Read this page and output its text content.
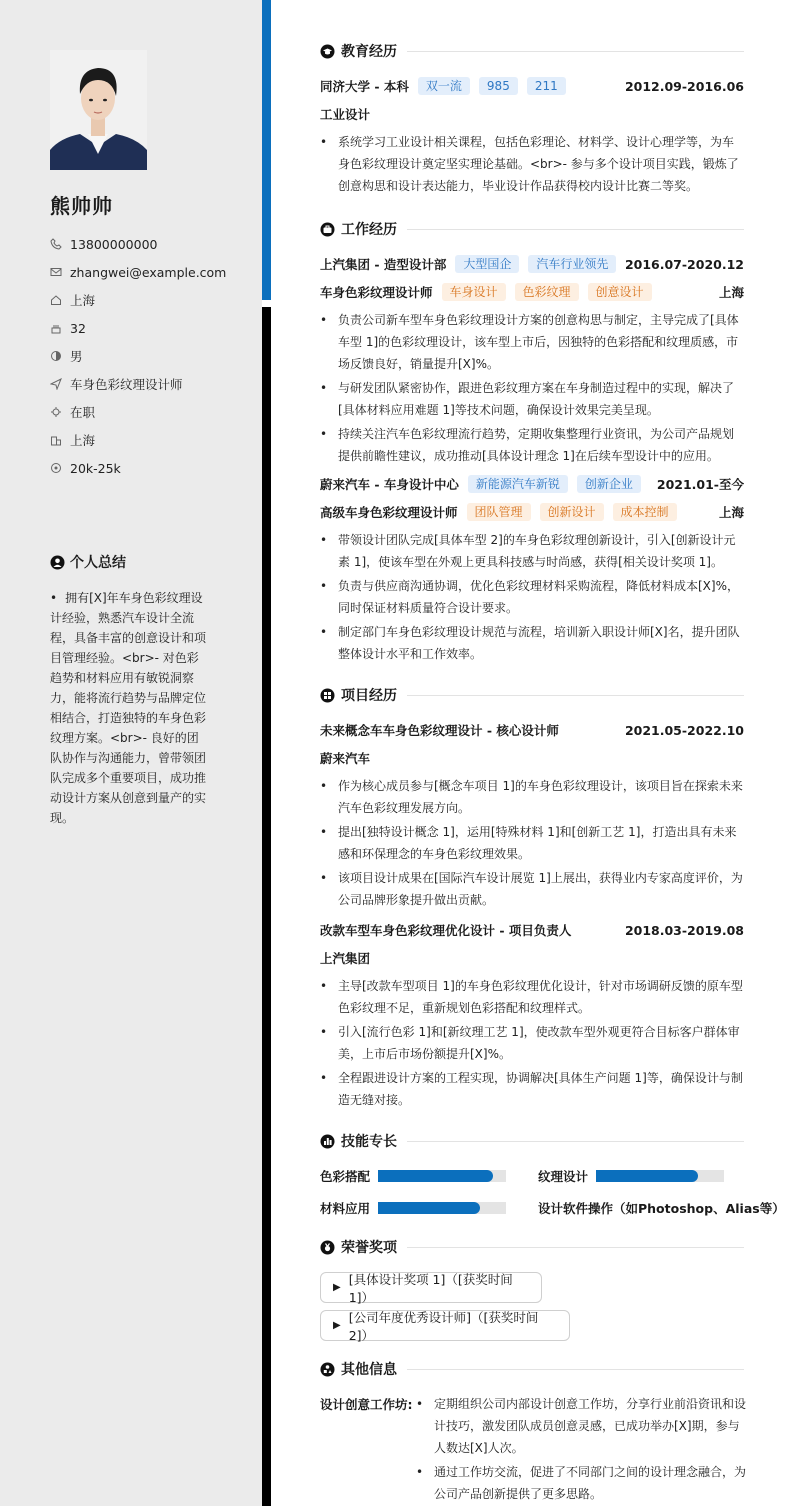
熊帅帅
13800000000
zhangwei@example.com
上海
32
男
车身色彩纹理设计师
在职
上海
20k-25k
个人总结
• 拥有[X]年车身色彩纹理设计经验，熟悉汽车设计全流程，具备丰富的创意设计和项目管理经验。<br>- 对色彩趋势和材料应用有敏锐洞察力，能将流行趋势与品牌定位相结合，打造独特的车身色彩纹理方案。<br>- 良好的团队协作与沟通能力，曾带领团队完成多个重要项目，成功推动设计方案从创意到量产的实现。
教育经历
同济大学 - 本科	双一流	985	211	2012.09-2016.06
工业设计
• 系统学习工业设计相关课程，包括色彩理论、材料学、设计心理学等，为车身色彩纹理设计奠定坚实理论基础。<br>- 参与多个设计项目实践，锻炼了创意构思和设计表达能力，毕业设计作品获得校内设计比赛二等奖。
工作经历
上汽集团 - 造型设计部	大型国企	汽车行业领先	2016.07-2020.12
车身色彩纹理设计师	车身设计	色彩纹理	创意设计	上海
• 负责公司新车型车身色彩纹理设计方案的创意构思与制定，主导完成了[具体车型 1]的色彩纹理设计，该车型上市后，因独特的色彩搭配和纹理质感，市场反馈良好，销量提升[X]%。
• 与研发团队紧密协作，跟进色彩纹理方案在车身制造过程中的实现，解决了[具体材料应用难题 1]等技术问题，确保设计效果完美呈现。
• 持续关注汽车色彩纹理流行趋势，定期收集整理行业资讯，为公司产品规划提供前瞻性建议，成功推动[具体设计理念 1]在后续车型设计中的应用。
蔚来汽车 - 车身设计中心	新能源汽车新锐	创新企业	2021.01-至今
高级车身色彩纹理设计师	团队管理	创新设计	成本控制	上海
• 带领设计团队完成[具体车型 2]的车身色彩纹理创新设计，引入[创新设计元素 1]，使该车型在外观上更具科技感与时尚感，获得[相关设计奖项 1]。
• 负责与供应商沟通协调，优化色彩纹理材料采购流程，降低材料成本[X]%，同时保证材料质量符合设计要求。
• 制定部门车身色彩纹理设计规范与流程，培训新入职设计师[X]名，提升团队整体设计水平和工作效率。
项目经历
未来概念车车身色彩纹理设计 - 核心设计师	2021.05-2022.10
蔚来汽车
• 作为核心成员参与[概念车项目 1]的车身色彩纹理设计，该项目旨在探索未来汽车色彩纹理发展方向。
• 提出[独特设计概念 1]，运用[特殊材料 1]和[创新工艺 1]，打造出具有未来感和环保理念的车身色彩纹理效果。
• 该项目设计成果在[国际汽车设计展览 1]上展出，获得业内专家高度评价，为公司品牌形象提升做出贡献。
改款车型车身色彩纹理优化设计 - 项目负责人	2018.03-2019.08
上汽集团
• 主导[改款车型项目 1]的车身色彩纹理优化设计，针对市场调研反馈的原车型色彩纹理不足，重新规划色彩搭配和纹理样式。
• 引入[流行色彩 1]和[新纹理工艺 1]，使改款车型外观更符合目标客户群体审美，上市后市场份额提升[X]%。
• 全程跟进设计方案的工程实现，协调解决[具体生产问题 1]等，确保设计与制造无缝对接。
技能专长
色彩搭配	纹理设计
材料应用	设计软件操作（如Photoshop、Alias等）
荣誉奖项
▶
[具体设计奖项 1]（[获奖时间 1]）
▶
[公司年度优秀设计师]（[获奖时间 2]）
其他信息
设计创意工作坊:
•	定期组织公司内部设计创意工作坊，分享行业前沿资讯和设计技巧，激发团队成员创意灵感，已成功举办[X]期，参与人数达[X]人次。
• 通过工作坊交流，促进了不同部门之间的设计理念融合，为公司产品创新提供了更多思路。
